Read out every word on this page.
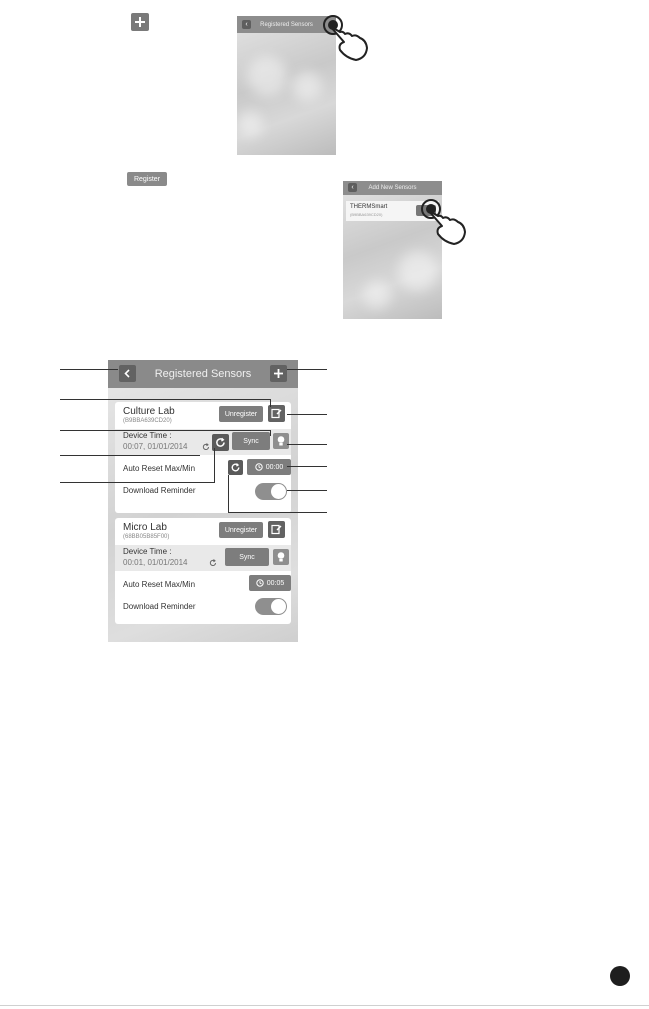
Register
Registered Sensors
‹
Add New Sensors
‹
THERMSmart
(B9BBA639CD20)
Registered Sensors
Culture Lab
(B9BBA639CD20)
Unregister
Device Time :
00:07, 01/01/2014
Sync
Auto Reset Max/Min	00:00
Download Reminder
Micro Lab
(68BB05B85F00)
Unregister
Device Time :
00:01, 01/01/2014
Sync
Auto Reset Max/Min	00:05
Download Reminder
